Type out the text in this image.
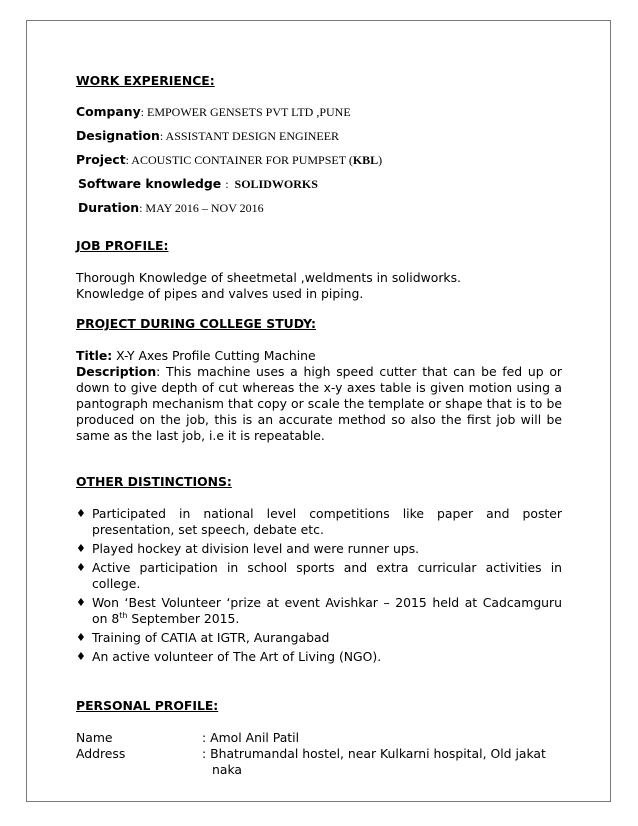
WORK EXPERIENCE:
Company: EMPOWER GENSETS PVT LTD ,PUNE
Designation: ASSISTANT DESIGN ENGINEER
Project: ACOUSTIC CONTAINER FOR PUMPSET (KBL)
Software knowledge : SOLIDWORKS
Duration: MAY 2016 – NOV 2016
JOB PROFILE:
Thorough Knowledge of sheetmetal ,weldments in solidworks.
Knowledge of pipes and valves used in piping.
PROJECT DURING COLLEGE STUDY:
Title: X-Y Axes Profile Cutting Machine
Description: This machine uses a high speed cutter that can be fed up or down to give depth of cut whereas the x-y axes table is given motion using a pantograph mechanism that copy or scale the template or shape that is to be produced on the job, this is an accurate method so also the first job will be same as the last job, i.e it is repeatable.
OTHER DISTINCTIONS:
♦ Participated in national level competitions like paper and poster presentation, set speech, debate etc.
♦ Played hockey at division level and were runner ups.
♦ Active participation in school sports and extra curricular activities in college.
♦ Won ‘Best Volunteer ‘prize at event Avishkar – 2015 held at Cadcamguru on 8th September 2015.
♦ Training of CATIA at IGTR, Aurangabad
♦ An active volunteer of The Art of Living (NGO).
PERSONAL PROFILE:
Name	: Amol Anil Patil
Address	: Bhatrumandal hostel, near Kulkarni hospital, Old jakat
naka
